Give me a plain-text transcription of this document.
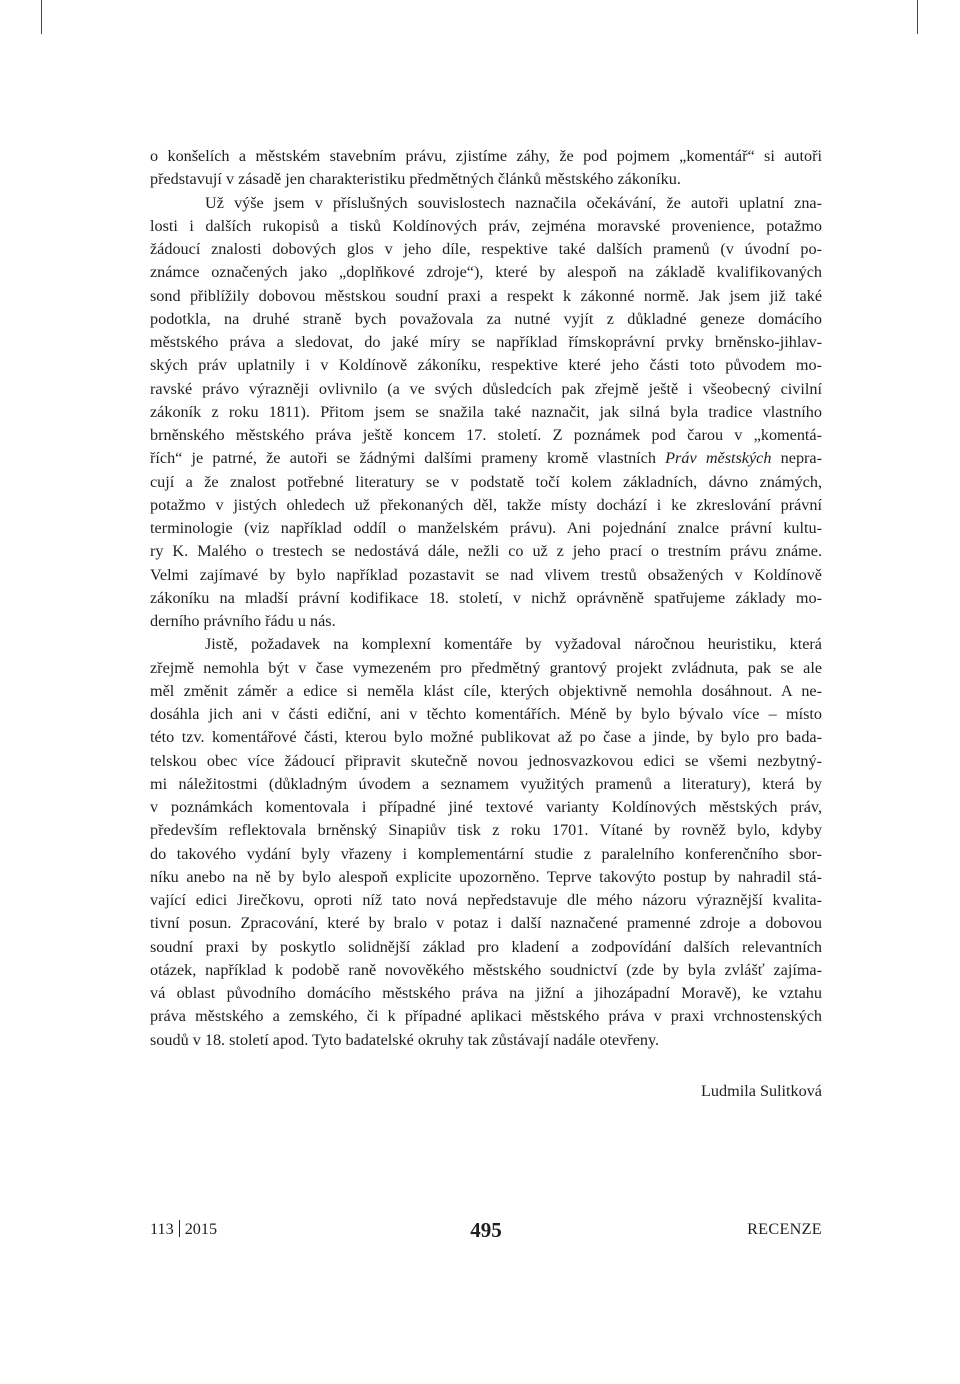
o konšelích a městském stavebním právu, zjistíme záhy, že pod pojmem „komentář“ si autoři
představují v zásadě jen charakteristiku předmětných článků městského zákoníku.
Už výše jsem v příslušných souvislostech naznačila očekávání, že autoři uplatní zna-
losti i dalších rukopisů a tisků Koldínových práv, zejména moravské provenience, potažmo
žádoucí znalosti dobových glos v jeho díle, respektive také dalších pramenů (v úvodní po-
známce označených jako „doplňkové zdroje“), které by alespoň na základě kvalifikovaných
sond přiblížily dobovou městskou soudní praxi a respekt k zákonné normě. Jak jsem již také
podotkla, na druhé straně bych považovala za nutné vyjít z důkladné geneze domácího
městského práva a sledovat, do jaké míry se například římskoprávní prvky brněnsko-jihlav-
ských práv uplatnily i v Koldínově zákoníku, respektive které jeho části toto původem mo-
ravské právo výrazněji ovlivnilo (a ve svých důsledcích pak zřejmě ještě i všeobecný civilní
zákoník z roku 1811). Přitom jsem se snažila také naznačit, jak silná byla tradice vlastního
brněnského městského práva ještě koncem 17. století. Z poznámek pod čarou v „komentá-
řích“ je patrné, že autoři se žádnými dalšími prameny kromě vlastních Práv městských nepra-
cují a že znalost potřebné literatury se v podstatě točí kolem základních, dávno známých,
potažmo v jistých ohledech už překonaných děl, takže místy dochází i ke zkreslování právní
terminologie (viz například oddíl o manželském právu). Ani pojednání znalce právní kultu-
ry K. Malého o trestech se nedostává dále, nežli co už z jeho prací o trestním právu známe.
Velmi zajímavé by bylo například pozastavit se nad vlivem trestů obsažených v Koldínově
zákoníku na mladší právní kodifikace 18. století, v nichž oprávněně spatřujeme základy mo-
derního právního řádu u nás.
Jistě, požadavek na komplexní komentáře by vyžadoval náročnou heuristiku, která
zřejmě nemohla být v čase vymezeném pro předmětný grantový projekt zvládnuta, pak se ale
měl změnit záměr a edice si neměla klást cíle, kterých objektivně nemohla dosáhnout. A ne-
dosáhla jich ani v části ediční, ani v těchto komentářích. Méně by bylo bývalo více – místo
této tzv. komentářové části, kterou bylo možné publikovat až po čase a jinde, by bylo pro bada-
telskou obec více žádoucí připravit skutečně novou jednosvazkovou edici se všemi nezbytný-
mi náležitostmi (důkladným úvodem a seznamem využitých pramenů a literatury), která by
v poznámkách komentovala i případné jiné textové varianty Koldínových městských práv,
především reflektovala brněnský Sinapiův tisk z roku 1701. Vítané by rovněž bylo, kdyby
do takového vydání byly vřazeny i komplementární studie z paralelního konferenčního sbor-
níku anebo na ně by bylo alespoň explicite upozorněno. Teprve takovýto postup by nahradil stá-
vající edici Jirečkovu, oproti níž tato nová nepředstavuje dle mého názoru výraznější kvalita-
tivní posun. Zpracování, které by bralo v potaz i další naznačené pramenné zdroje a dobovou
soudní praxi by poskytlo solidnější základ pro kladení a zodpovídání dalších relevantních
otázek, například k podobě raně novověkého městského soudnictví (zde by byla zvlášť zajíma-
vá oblast původního domácího městského práva na jižní a jihozápadní Moravě), ke vztahu
práva městského a zemského, či k případné aplikaci městského práva v praxi vrchnostenských
soudů v 18. století apod. Tyto badatelské okruhy tak zůstávají nadále otevřeny.
Ludmila Sulitková
113 2015	495	RECENZE
